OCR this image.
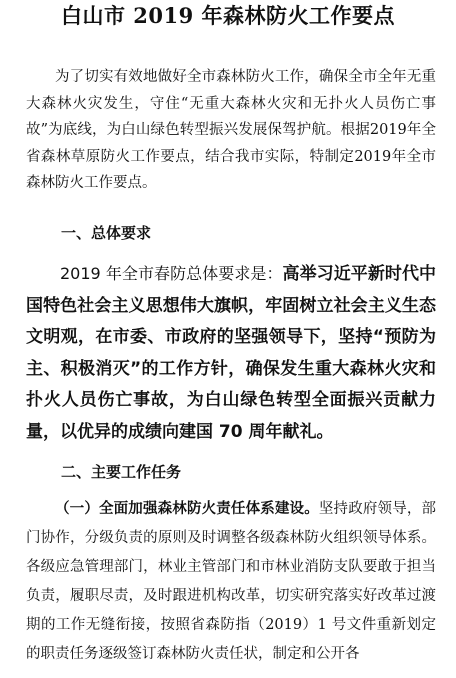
白山市 2019 年森林防火工作要点

为了切实有效地做好全市森林防火工作，确保全市全年无重大森林火灾发生，守住“无重大森林火灾和无扑火人员伤亡事故”为底线，为白山绿色转型振兴发展保驾护航。根据2019年全省森林草原防火工作要点，结合我市实际，特制定2019年全市森林防火工作要点。

一、总体要求

2019 年全市春防总体要求是：高举习近平新时代中国特色社会主义思想伟大旗帜，牢固树立社会主义生态文明观，在市委、市政府的坚强领导下，坚持“预防为主、积极消灭”的工作方针，确保发生重大森林火灾和扑火人员伤亡事故，为白山绿色转型全面振兴贡献力量，以优异的成绩向建国 70 周年献礼。

二、主要工作任务

（一）全面加强森林防火责任体系建设。坚持政府领导，部门协作，分级负责的原则及时调整各级森林防火组织领导体系。各级应急管理部门，林业主管部门和市林业消防支队要敢于担当负责，履职尽责，及时跟进机构改革，切实研究落实好改革过渡期的工作无缝衔接，按照省森防指（2019）1 号文件重新划定的职责任务逐级签订森林防火责任状，制定和公开各
